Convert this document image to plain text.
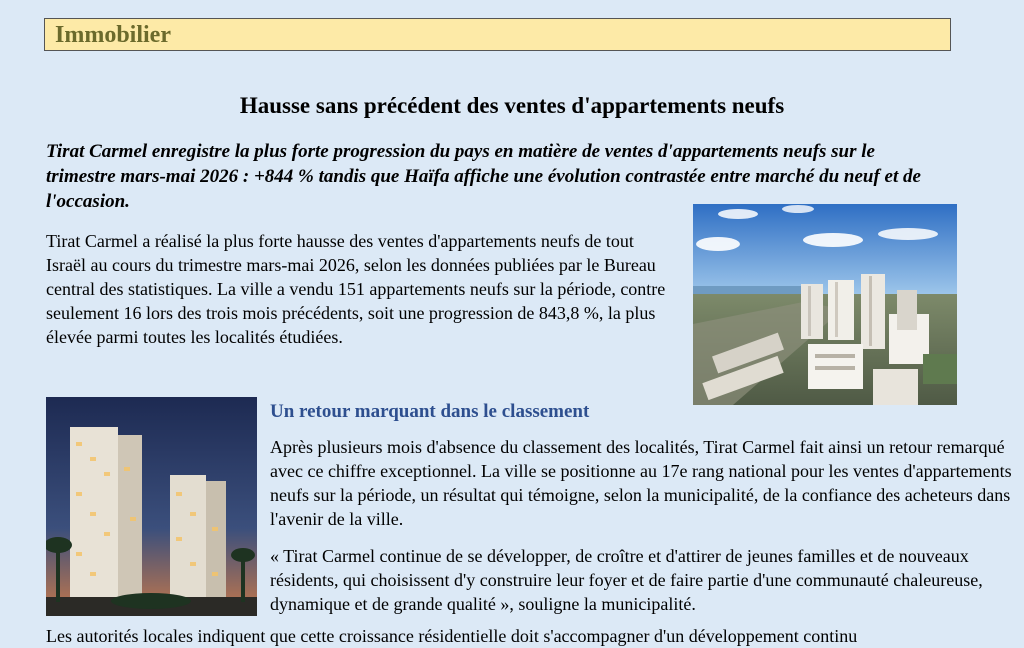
Immobilier
Hausse sans précédent des ventes d'appartements neufs

Tirat Carmel enregistre la plus forte progression du pays en matière de ventes d'appartements neufs sur le trimestre mars-mai 2026 : +844 % tandis que Haïfa affiche une évolution contrastée entre marché du neuf et de l'occasion.

Tirat Carmel a réalisé la plus forte hausse des ventes d'appartements neufs de tout Israël au cours du trimestre mars-mai 2026, selon les données publiées par le Bureau central des statistiques. La ville a vendu 151 appartements neufs sur la période, contre seulement 16 lors des trois mois précédents, soit une progression de 843,8 %, la plus élevée parmi toutes les localités étudiées.

Un retour marquant dans le classement

Après plusieurs mois d'absence du classement des localités, Tirat Carmel fait ainsi un retour remarqué avec ce chiffre exceptionnel. La ville se positionne au 17e rang national pour les ventes d'appartements neufs sur la période, un résultat qui témoigne, selon la municipalité, de la confiance des acheteurs dans l'avenir de la ville.

« Tirat Carmel continue de se développer, de croître et d'attirer de jeunes familles et de nouveaux résidents, qui choisissent d'y construire leur foyer et de faire partie d'une communauté chaleureuse, dynamique et de grande qualité », souligne la municipalité.

Les autorités locales indiquent que cette croissance résidentielle doit s'accompagner d'un développement continu
